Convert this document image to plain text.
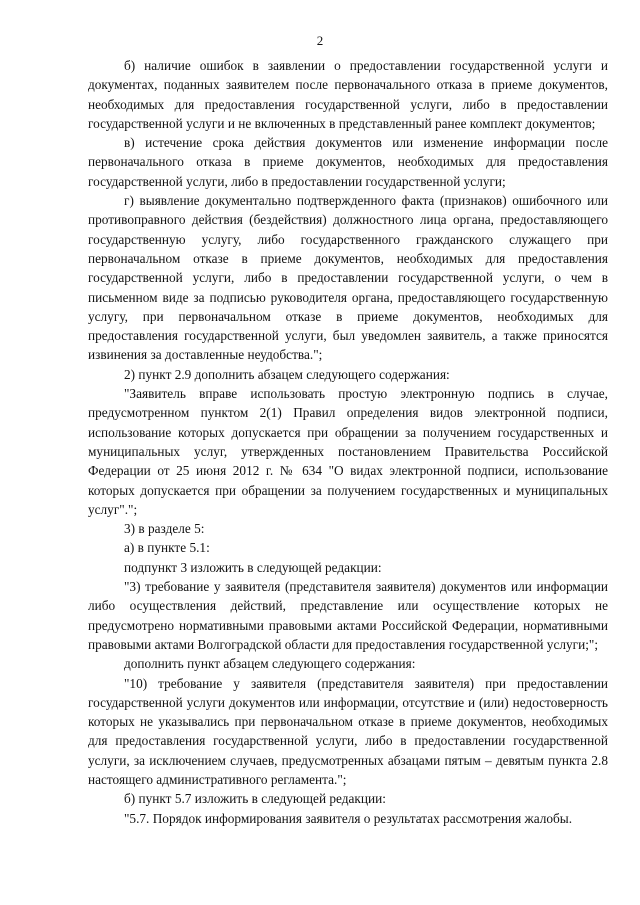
2

б) наличие ошибок в заявлении о предоставлении государственной услуги и документах, поданных заявителем после первоначального отказа в приеме документов, необходимых для предоставления государственной услуги, либо в предоставлении государственной услуги и не включенных в представленный ранее комплект документов;

в) истечение срока действия документов или изменение информации после первоначального отказа в приеме документов, необходимых для предоставления государственной услуги, либо в предоставлении государственной услуги;

г) выявление документально подтвержденного факта (признаков) ошибочного или противоправного действия (бездействия) должностного лица органа, предоставляющего государственную услугу, либо государственного гражданского служащего при первоначальном отказе в приеме документов, необходимых для предоставления государственной услуги, либо в предоставлении государственной услуги, о чем в письменном виде за подписью руководителя органа, предоставляющего государственную услугу, при первоначальном отказе в приеме документов, необходимых для предоставления государственной услуги, был уведомлен заявитель, а также приносятся извинения за доставленные неудобства.";

2) пункт 2.9 дополнить абзацем следующего содержания:

"Заявитель вправе использовать простую электронную подпись в случае, предусмотренном пунктом 2(1) Правил определения видов электронной подписи, использование которых допускается при обращении за получением государственных и муниципальных услуг, утвержденных постановлением Правительства Российской Федерации от 25 июня 2012 г. № 634 "О видах электронной подписи, использование которых допускается при обращении за получением государственных и муниципальных услуг".";

3) в разделе 5:

а) в пункте 5.1:

подпункт 3 изложить в следующей редакции:

"3) требование у заявителя (представителя заявителя) документов или информации либо осуществления действий, представление или осуществление которых не предусмотрено нормативными правовыми актами Российской Федерации, нормативными правовыми актами Волгоградской области для предоставления государственной услуги;";

дополнить пункт абзацем следующего содержания:

"10) требование у заявителя (представителя заявителя) при предоставлении государственной услуги документов или информации, отсутствие и (или) недостоверность которых не указывались при первоначальном отказе в приеме документов, необходимых для предоставления государственной услуги, либо в предоставлении государственной услуги, за исключением случаев, предусмотренных абзацами пятым – девятым пункта 2.8 настоящего административного регламента.";

б) пункт 5.7 изложить в следующей редакции:

"5.7. Порядок информирования заявителя о результатах рассмотрения жалобы.
